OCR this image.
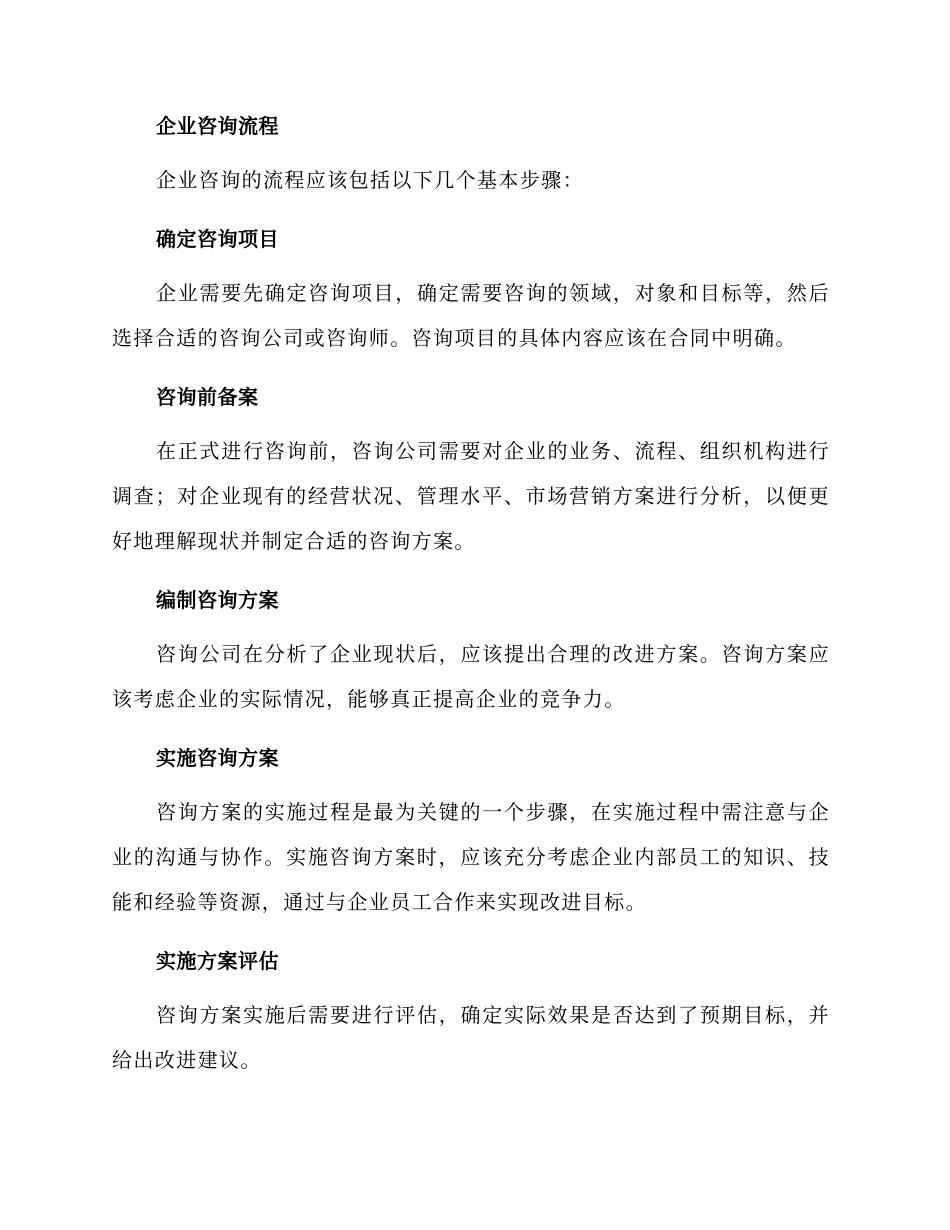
企业咨询流程

企业咨询的流程应该包括以下几个基本步骤：

确定咨询项目

企业需要先确定咨询项目，确定需要咨询的领域，对象和目标等，然后选择合适的咨询公司或咨询师。咨询项目的具体内容应该在合同中明确。

咨询前备案

在正式进行咨询前，咨询公司需要对企业的业务、流程、组织机构进行调查；对企业现有的经营状况、管理水平、市场营销方案进行分析，以便更好地理解现状并制定合适的咨询方案。

编制咨询方案

咨询公司在分析了企业现状后，应该提出合理的改进方案。咨询方案应该考虑企业的实际情况，能够真正提高企业的竞争力。

实施咨询方案

咨询方案的实施过程是最为关键的一个步骤，在实施过程中需注意与企业的沟通与协作。实施咨询方案时，应该充分考虑企业内部员工的知识、技能和经验等资源，通过与企业员工合作来实现改进目标。

实施方案评估

咨询方案实施后需要进行评估，确定实际效果是否达到了预期目标，并给出改进建议。
